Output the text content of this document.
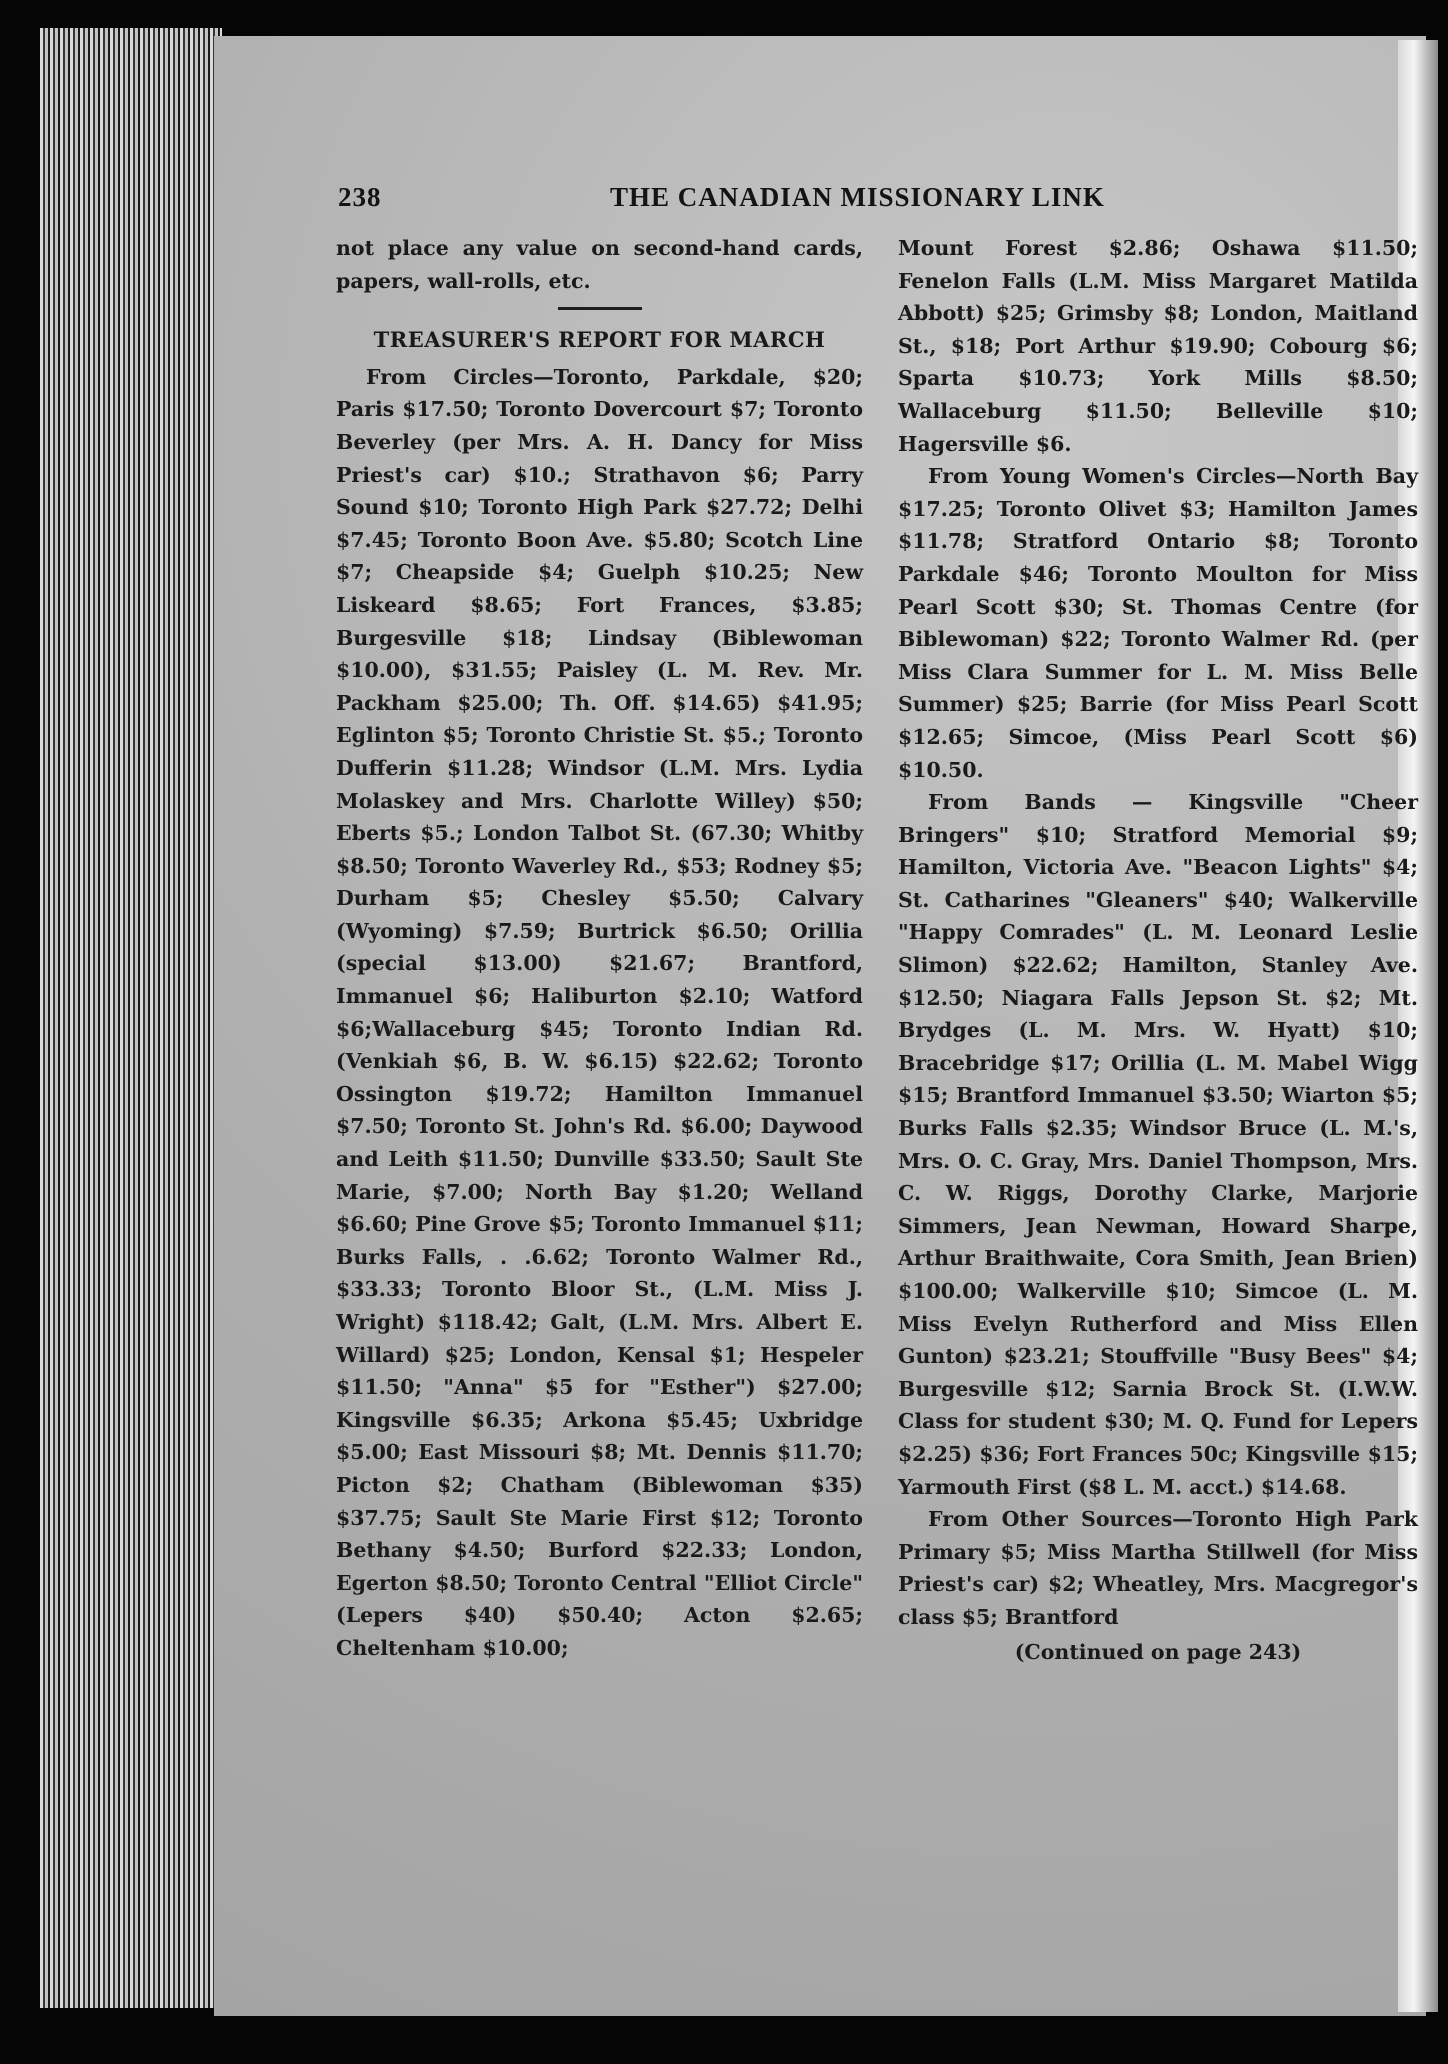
238	THE CANADIAN MISSIONARY LINK

not place any value on second-hand cards, papers, wall-rolls, etc.

TREASURER'S REPORT FOR MARCH

From Circles—Toronto, Parkdale, $20; Paris $17.50; Toronto Dovercourt $7; Toronto Beverley (per Mrs. A. H. Dancy for Miss Priest's car) $10.; Strathavon $6; Parry Sound $10; Toronto High Park $27.72; Delhi $7.45; Toronto Boon Ave. $5.80; Scotch Line $7; Cheapside $4; Guelph $10.25; New Liskeard $8.65; Fort Frances, $3.85; Burgesville $18; Lindsay (Biblewoman $10.00), $31.55; Paisley (L. M. Rev. Mr. Packham $25.00; Th. Off. $14.65) $41.95; Eglinton $5; Toronto Christie St. $5.; Toronto Dufferin $11.28; Windsor (L.M. Mrs. Lydia Molaskey and Mrs. Charlotte Willey) $50; Eberts $5.; London Talbot St. (67.30; Whitby $8.50; Toronto Waverley Rd., $53; Rodney $5; Durham $5; Chesley $5.50; Calvary (Wyoming) $7.59; Burtrick $6.50; Orillia (special $13.00) $21.67; Brantford, Immanuel $6; Haliburton $2.10; Watford $6;Wallaceburg $45; Toronto Indian Rd. (Venkiah $6, B. W. $6.15) $22.62; Toronto Ossington $19.72; Hamilton Immanuel $7.50; Toronto St. John's Rd. $6.00; Daywood and Leith $11.50; Dunville $33.50; Sault Ste Marie, $7.00; North Bay $1.20; Welland $6.60; Pine Grove $5; Toronto Immanuel $11; Burks Falls, . .6.62; Toronto Walmer Rd., $33.33; Toronto Bloor St., (L.M. Miss J. Wright) $118.42; Galt, (L.M. Mrs. Albert E. Willard) $25; London, Kensal $1; Hespeler $11.50; "Anna" $5 for "Esther") $27.00; Kingsville $6.35; Arkona $5.45; Uxbridge $5.00; East Missouri $8; Mt. Dennis $11.70; Picton $2; Chatham (Biblewoman $35) $37.75; Sault Ste Marie First $12; Toronto Bethany $4.50; Burford $22.33; London, Egerton $8.50; Toronto Central "Elliot Circle" (Lepers $40) $50.40; Acton $2.65; Cheltenham $10.00;

Mount Forest $2.86; Oshawa $11.50; Fenelon Falls (L.M. Miss Margaret Matilda Abbott) $25; Grimsby $8; London, Maitland St., $18; Port Arthur $19.90; Cobourg $6; Sparta $10.73; York Mills $8.50; Wallaceburg $11.50; Belleville $10; Hagersville $6.

From Young Women's Circles—North Bay $17.25; Toronto Olivet $3; Hamilton James $11.78; Stratford Ontario $8; Toronto Parkdale $46; Toronto Moulton for Miss Pearl Scott $30; St. Thomas Centre (for Biblewoman) $22; Toronto Walmer Rd. (per Miss Clara Summer for L. M. Miss Belle Summer) $25; Barrie (for Miss Pearl Scott $12.65; Simcoe, (Miss Pearl Scott $6) $10.50.

From Bands — Kingsville "Cheer Bringers" $10; Stratford Memorial $9; Hamilton, Victoria Ave. "Beacon Lights" $4; St. Catharines "Gleaners" $40; Walkerville "Happy Comrades" (L. M. Leonard Leslie Slimon) $22.62; Hamilton, Stanley Ave. $12.50; Niagara Falls Jepson St. $2; Mt. Brydges (L. M. Mrs. W. Hyatt) $10; Bracebridge $17; Orillia (L. M. Mabel Wigg $15; Brantford Immanuel $3.50; Wiarton $5; Burks Falls $2.35; Windsor Bruce (L. M.'s, Mrs. O. C. Gray, Mrs. Daniel Thompson, Mrs. C. W. Riggs, Dorothy Clarke, Marjorie Simmers, Jean Newman, Howard Sharpe, Arthur Braithwaite, Cora Smith, Jean Brien) $100.00; Walkerville $10; Simcoe (L. M. Miss Evelyn Rutherford and Miss Ellen Gunton) $23.21; Stouffville "Busy Bees" $4; Burgesville $12; Sarnia Brock St. (I.W.W. Class for student $30; M. Q. Fund for Lepers $2.25) $36; Fort Frances 50c; Kingsville $15; Yarmouth First ($8 L. M. acct.) $14.68.

From Other Sources—Toronto High Park Primary $5; Miss Martha Stillwell (for Miss Priest's car) $2; Wheatley, Mrs. Macgregor's class $5; Brantford

(Continued on page 243)
